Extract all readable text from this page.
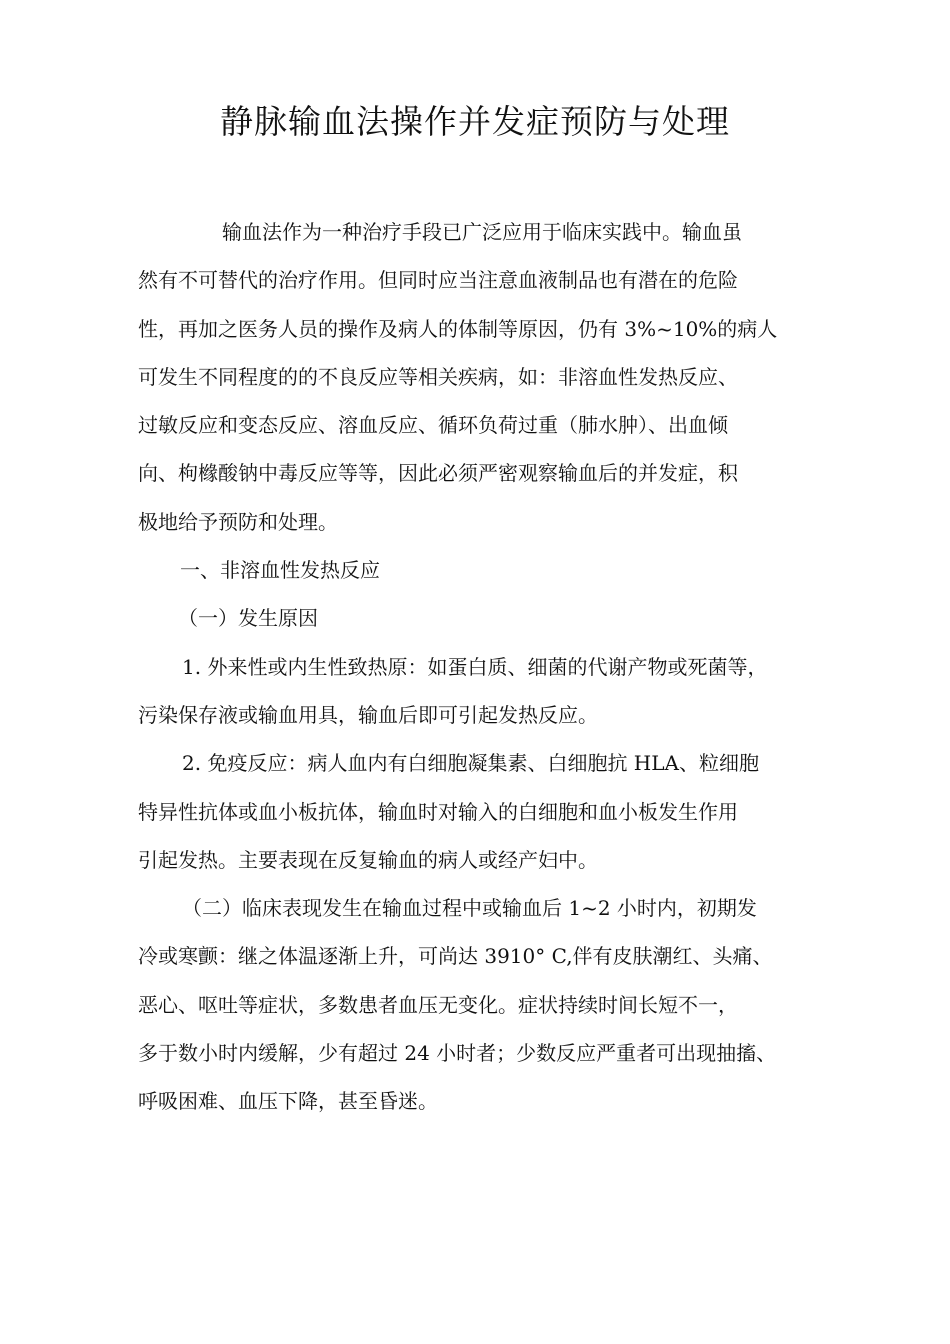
静脉输血法操作并发症预防与处理

输血法作为一种治疗手段已广泛应用于临床实践中。输血虽

然有不可替代的治疗作用。但同时应当注意血液制品也有潜在的危险

性，再加之医务人员的操作及病人的体制等原因，仍有 3%~10%的病人

可发生不同程度的的不良反应等相关疾病，如：非溶血性发热反应、

过敏反应和变态反应、溶血反应、循环负荷过重（肺水肿）、出血倾

向、枸橼酸钠中毒反应等等，因此必须严密观察输血后的并发症，积

极地给予预防和处理。

一、非溶血性发热反应

（一）发生原因

1. 外来性或内生性致热原：如蛋白质、细菌的代谢产物或死菌等，

污染保存液或输血用具，输血后即可引起发热反应。

2. 免疫反应：病人血内有白细胞凝集素、白细胞抗 HLA、粒细胞

特异性抗体或血小板抗体，输血时对输入的白细胞和血小板发生作用

引起发热。主要表现在反复输血的病人或经产妇中。

（二）临床表现发生在输血过程中或输血后 1~2 小时内，初期发

冷或寒颤：继之体温逐渐上升，可尚达 3910° C,伴有皮肤潮红、头痛、

恶心、呕吐等症状，多数患者血压无变化。症状持续时间长短不一，

多于数小时内缓解，少有超过 24 小时者；少数反应严重者可出现抽搐、

呼吸困难、血压下降，甚至昏迷。
